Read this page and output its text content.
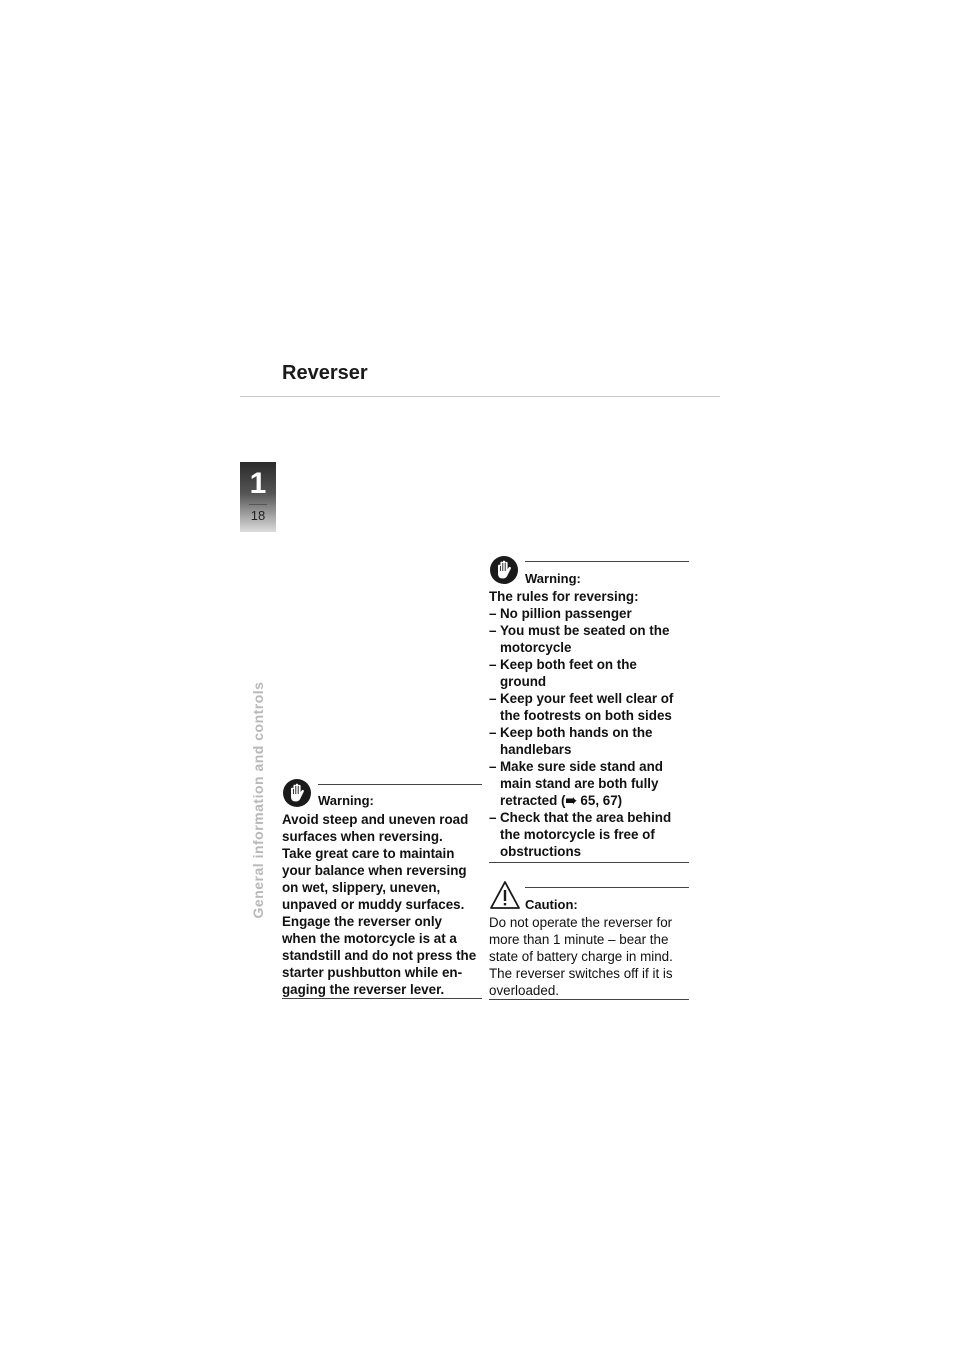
Reverser
1
18
General information and controls	Warning:
Avoid steep and uneven road
surfaces when reversing.
Take great care to maintain
your balance when reversing
on wet, slippery, uneven,
unpaved or muddy surfaces.
Engage the reverser only
when the motorcycle is at a
standstill and do not press the
starter pushbutton while en-
gaging the reverser lever.
Warning:
The rules for reversing:
– No pillion passenger
– You must be seated on the
motorcycle
– Keep both feet on the
ground
– Keep your feet well clear of
the footrests on both sides
– Keep both hands on the
handlebars
– Make sure side stand and
main stand are both fully
retracted (➠ 65, 67)
– Check that the area behind
the motorcycle is free of
obstructions
Caution:
Do not operate the reverser for
more than 1 minute – bear the
state of battery charge in mind.
The reverser switches off if it is
overloaded.
